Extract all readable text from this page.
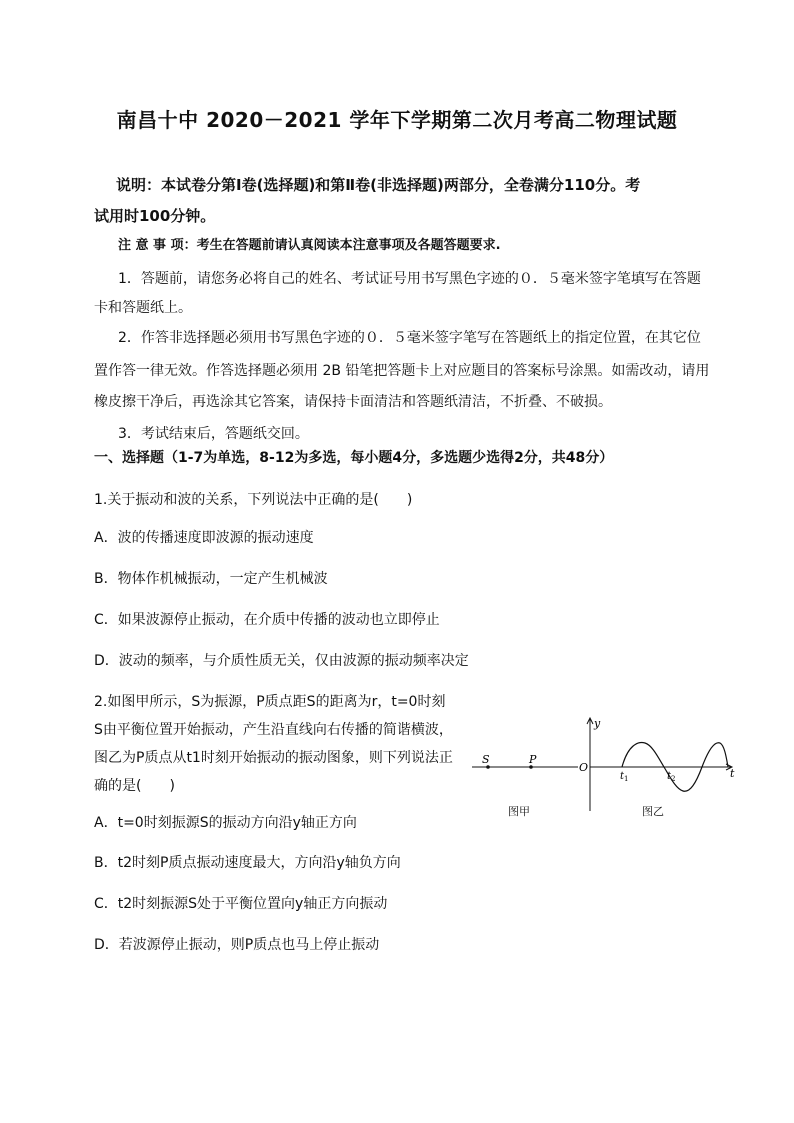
南昌十中 2020－2021 学年下学期第二次月考高二物理试题
说明：本试卷分第Ⅰ卷(选择题)和第Ⅱ卷(非选择题)两部分，全卷满分110分。考
试用时100分钟。
注 意 事 项：考生在答题前请认真阅读本注意事项及各题答题要求.
1．答题前，请您务必将自己的姓名、考试证号用书写黑色字迹的０．５毫米签字笔填写在答题
卡和答题纸上。
2．作答非选择题必须用书写黑色字迹的０．５毫米签字笔写在答题纸上的指定位置，在其它位
置作答一律无效。作答选择题必须用 2B 铅笔把答题卡上对应题目的答案标号涂黑。如需改动，请用
橡皮擦干净后，再选涂其它答案，请保持卡面清洁和答题纸清洁，不折叠、不破损。
3．考试结束后，答题纸交回。
一、选择题（1-7为单选，8-12为多选，每小题4分，多选题少选得2分，共48分）
1.关于振动和波的关系，下列说法中正确的是(　　)
A．波的传播速度即波源的振动速度
B．物体作机械振动，一定产生机械波
C．如果波源停止振动，在介质中传播的波动也立即停止
D．波动的频率，与介质性质无关，仅由波源的振动频率决定
2.如图甲所示，S为振源，P质点距S的距离为r，t=0时刻
S由平衡位置开始振动，产生沿直线向右传播的简谐横波，
图乙为P质点从t1时刻开始振动的振动图象，则下列说法正
确的是(　　)
S	P
y
t
O
$t_1$	$t_2$
图甲	图乙
A．t=0时刻振源S的振动方向沿y轴正方向
B．t2时刻P质点振动速度最大，方向沿y轴负方向
C．t2时刻振源S处于平衡位置向y轴正方向振动
D．若波源停止振动，则P质点也马上停止振动
